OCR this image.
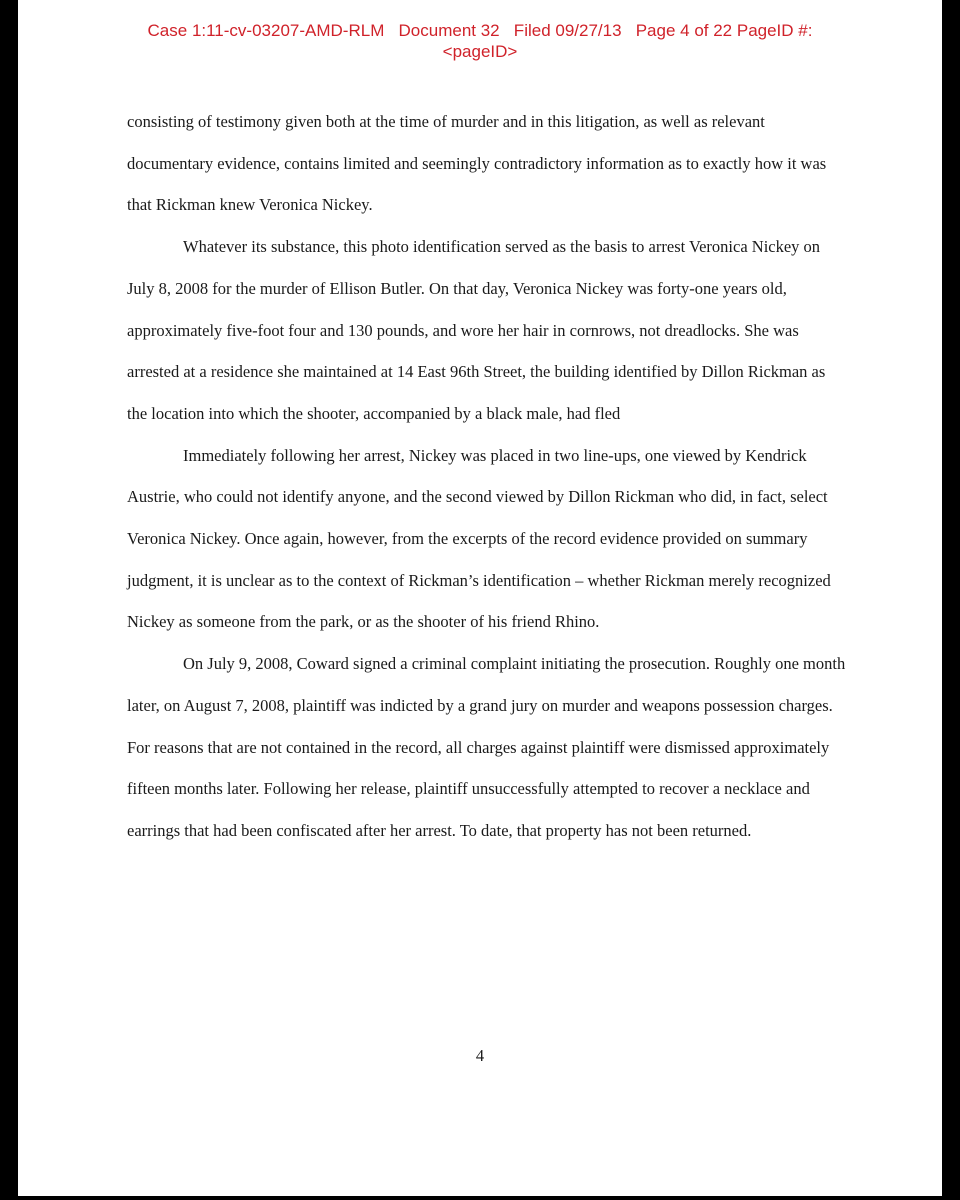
Case 1:11-cv-03207-AMD-RLM   Document 32   Filed 09/27/13   Page 4 of 22 PageID #:
<pageID>

consisting of testimony given both at the time of murder and in this litigation, as well as relevant documentary evidence, contains limited and seemingly contradictory information as to exactly how it was that Rickman knew Veronica Nickey.

Whatever its substance, this photo identification served as the basis to arrest Veronica Nickey on July 8, 2008 for the murder of Ellison Butler. On that day, Veronica Nickey was forty-one years old, approximately five-foot four and 130 pounds, and wore her hair in cornrows, not dreadlocks. She was arrested at a residence she maintained at 14 East 96th Street, the building identified by Dillon Rickman as the location into which the shooter, accompanied by a black male, had fled

Immediately following her arrest, Nickey was placed in two line-ups, one viewed by Kendrick Austrie, who could not identify anyone, and the second viewed by Dillon Rickman who did, in fact, select Veronica Nickey. Once again, however, from the excerpts of the record evidence provided on summary judgment, it is unclear as to the context of Rickman’s identification – whether Rickman merely recognized Nickey as someone from the park, or as the shooter of his friend Rhino.

On July 9, 2008, Coward signed a criminal complaint initiating the prosecution. Roughly one month later, on August 7, 2008, plaintiff was indicted by a grand jury on murder and weapons possession charges. For reasons that are not contained in the record, all charges against plaintiff were dismissed approximately fifteen months later. Following her release, plaintiff unsuccessfully attempted to recover a necklace and earrings that had been confiscated after her arrest. To date, that property has not been returned.

4
